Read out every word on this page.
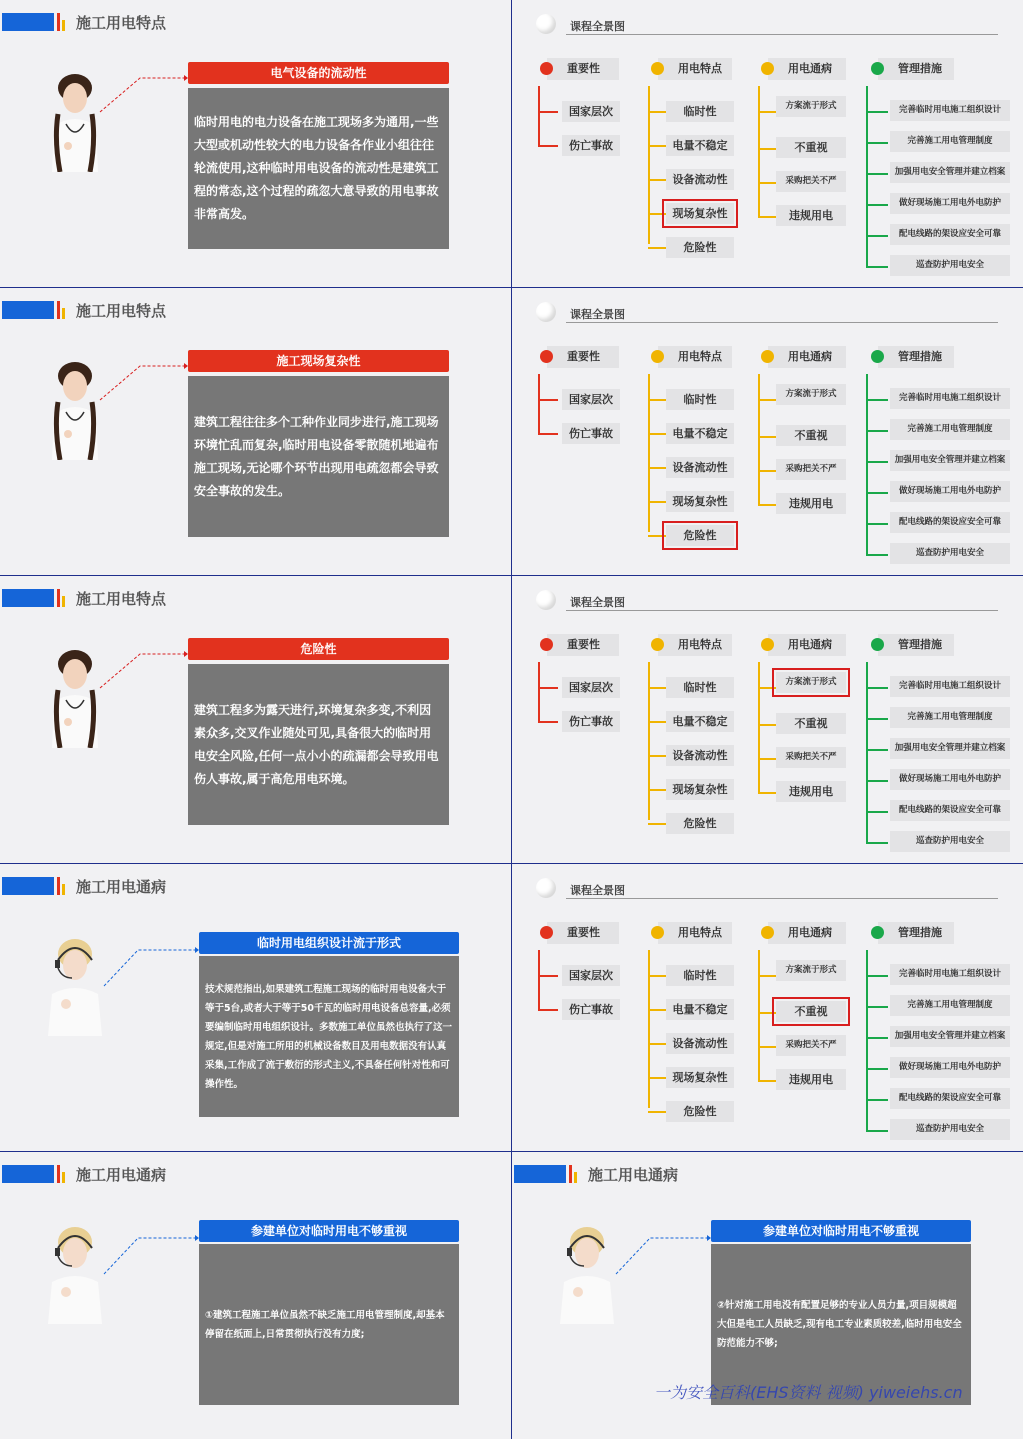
施工用电特点
电气设备的流动性
临时用电的电力设备在施工现场多为通用,一些大型或机动性较大的电力设备各作业小组往往轮流使用,这种临时用电设备的流动性是建筑工程的常态,这个过程的疏忽大意导致的用电事故非常高发。
施工用电特点
施工现场复杂性
建筑工程往往多个工种作业同步进行,施工现场环境忙乱而复杂,临时用电设备零散随机地遍布施工现场,无论哪个环节出现用电疏忽都会导致安全事故的发生。
施工用电特点
危险性
建筑工程多为露天进行,环境复杂多变,不利因素众多,交叉作业随处可见,具备很大的临时用电安全风险,任何一点小小的疏漏都会导致用电伤人事故,属于高危用电环境。
施工用电通病
临时用电组织设计流于形式
技术规范指出,如果建筑工程施工现场的临时用电设备大于等于5台,或者大于等于50千瓦的临时用电设备总容量,必须要编制临时用电组织设计。多数施工单位虽然也执行了这一规定,但是对施工所用的机械设备数目及用电数据没有认真采集,工作成了流于敷衍的形式主义,不具备任何针对性和可操作性。
施工用电通病
参建单位对临时用电不够重视
①建筑工程施工单位虽然不缺乏施工用电管理制度,却基本停留在纸面上,日常贯彻执行没有力度;
施工用电通病
参建单位对临时用电不够重视
②针对施工用电没有配置足够的专业人员力量,项目规模超大但是电工人员缺乏,现有电工专业素质较差,临时用电安全防范能力不够;
一为安全百科(EHS资料 视频) yiweiehs.cn
课程全景图
重要性	用电特点	用电通病	管理措施
国家层次
伤亡事故
临时性
电量不稳定
设备流动性
现场复杂性
危险性
方案流于形式
不重视
采购把关不严
违规用电
完善临时用电施工组织设计
完善施工用电管理制度
加强用电安全管理并建立档案
做好现场施工用电外电防护
配电线路的架设应安全可靠
巡查防护用电安全
课程全景图
重要性	用电特点	用电通病	管理措施
国家层次
伤亡事故
临时性
电量不稳定
设备流动性
现场复杂性
危险性
方案流于形式
不重视
采购把关不严
违规用电
完善临时用电施工组织设计
完善施工用电管理制度
加强用电安全管理并建立档案
做好现场施工用电外电防护
配电线路的架设应安全可靠
巡查防护用电安全
课程全景图
重要性	用电特点	用电通病	管理措施
国家层次
伤亡事故
临时性
电量不稳定
设备流动性
现场复杂性
危险性
方案流于形式
不重视
采购把关不严
违规用电
完善临时用电施工组织设计
完善施工用电管理制度
加强用电安全管理并建立档案
做好现场施工用电外电防护
配电线路的架设应安全可靠
巡查防护用电安全
课程全景图
重要性	用电特点	用电通病	管理措施
国家层次
伤亡事故
临时性
电量不稳定
设备流动性
现场复杂性
危险性
方案流于形式
不重视
采购把关不严
违规用电
完善临时用电施工组织设计
完善施工用电管理制度
加强用电安全管理并建立档案
做好现场施工用电外电防护
配电线路的架设应安全可靠
巡查防护用电安全
